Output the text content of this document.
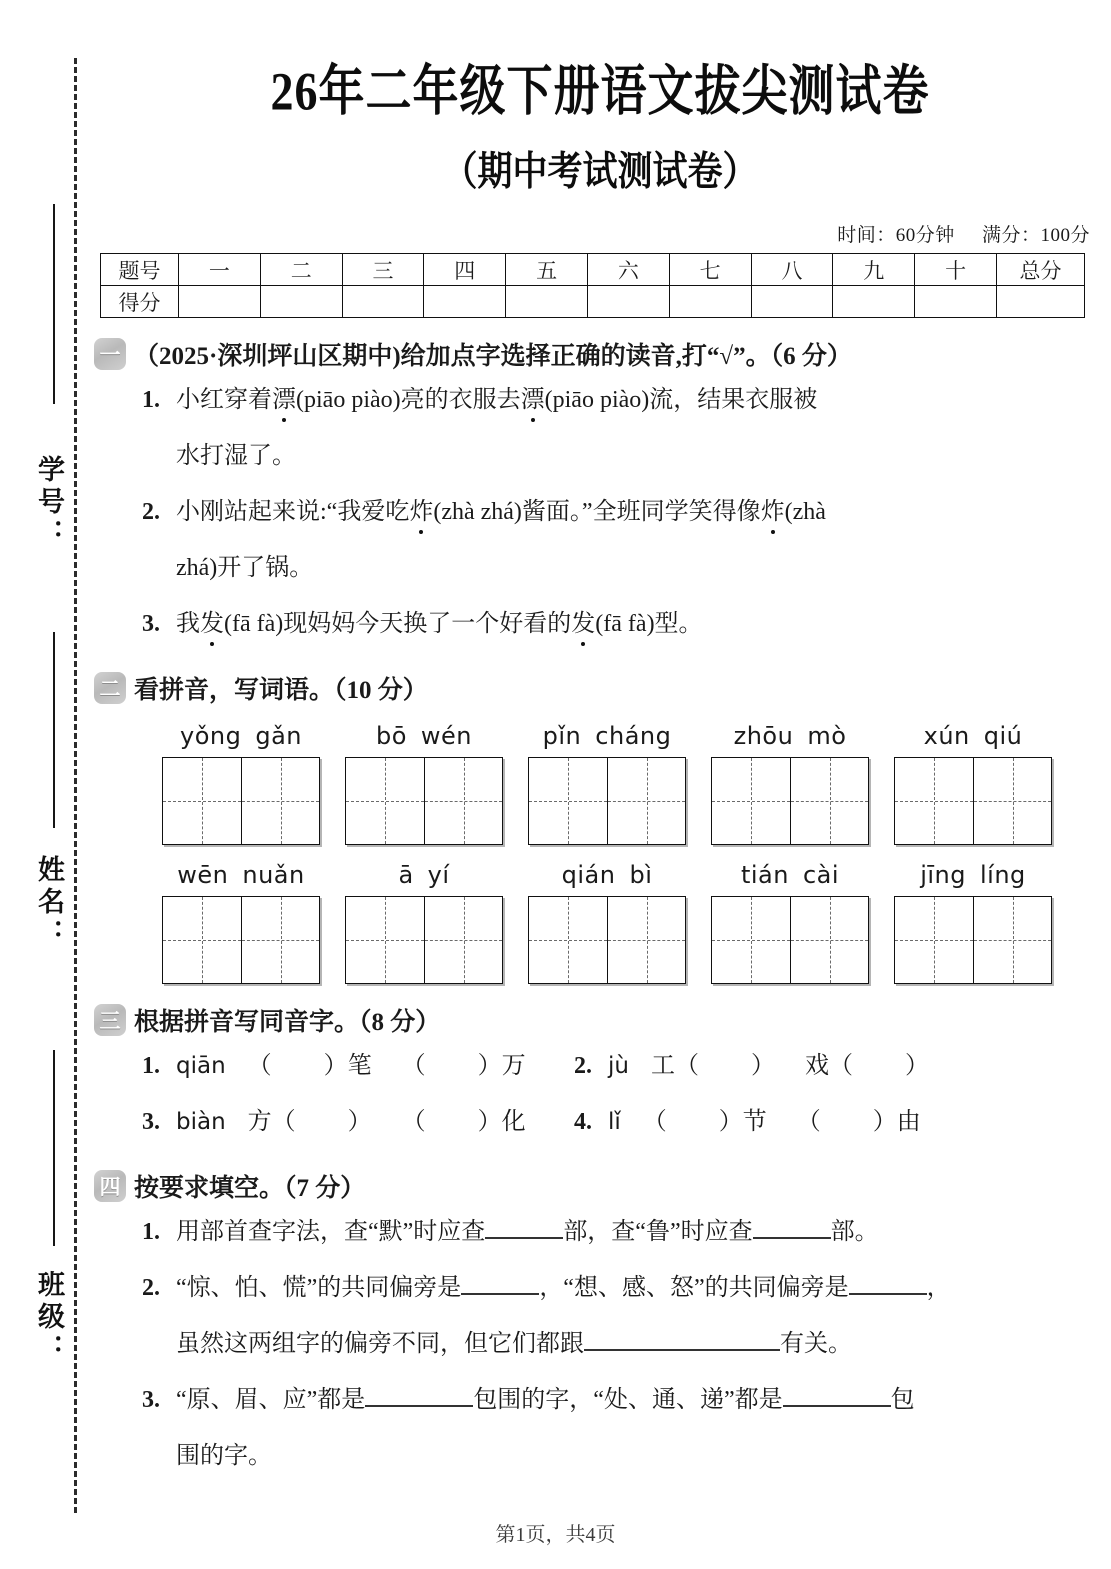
学号：
姓名：
班级：
26年二年级下册语文拔尖测试卷
（期中考试测试卷）
时间：60分钟 满分：100分
题号	一	二	三	四	五	六	七	八	九	十	总分
得分											
一 （2025·深圳坪山区期中)给加点字选择正确的读音,打“√”。（6 分）
1. 小红穿着漂(piāo piào)亮的衣服去漂(piāo piào)流，结果衣服被
水打湿了。
2. 小刚站起来说:“我爱吃炸(zhà zhá)酱面。”全班同学笑得像炸(zhà
zhá)开了锅。
3. 我发(fā fà)现妈妈今天换了一个好看的发(fā fà)型。
二 看拼音，写词语。（10 分）
yǒng gǎn	bō wén	pǐn cháng	zhōu mò	xún qiú
wēn nuǎn	ā yí	qián bì	tián cài	jīng líng
三 根据拼音写同音字。（8 分）
1. qiān （ ）笔 （ ）万 2. jù 工（ ） 戏（ ）
3. biàn 方（ ） （ ）化 4. lǐ （ ）节 （ ）由
四 按要求填空。（7 分）
1. 用部首查字法，查“默”时应查	部，查“鲁”时应查	部。
2. “惊、怕、慌”的共同偏旁是	，“想、感、怒”的共同偏旁是	，
虽然这两组字的偏旁不同，但它们都跟	有关。
3. “原、眉、应”都是	包围的字，“处、通、递”都是	包
围的字。
第1页，共4页
